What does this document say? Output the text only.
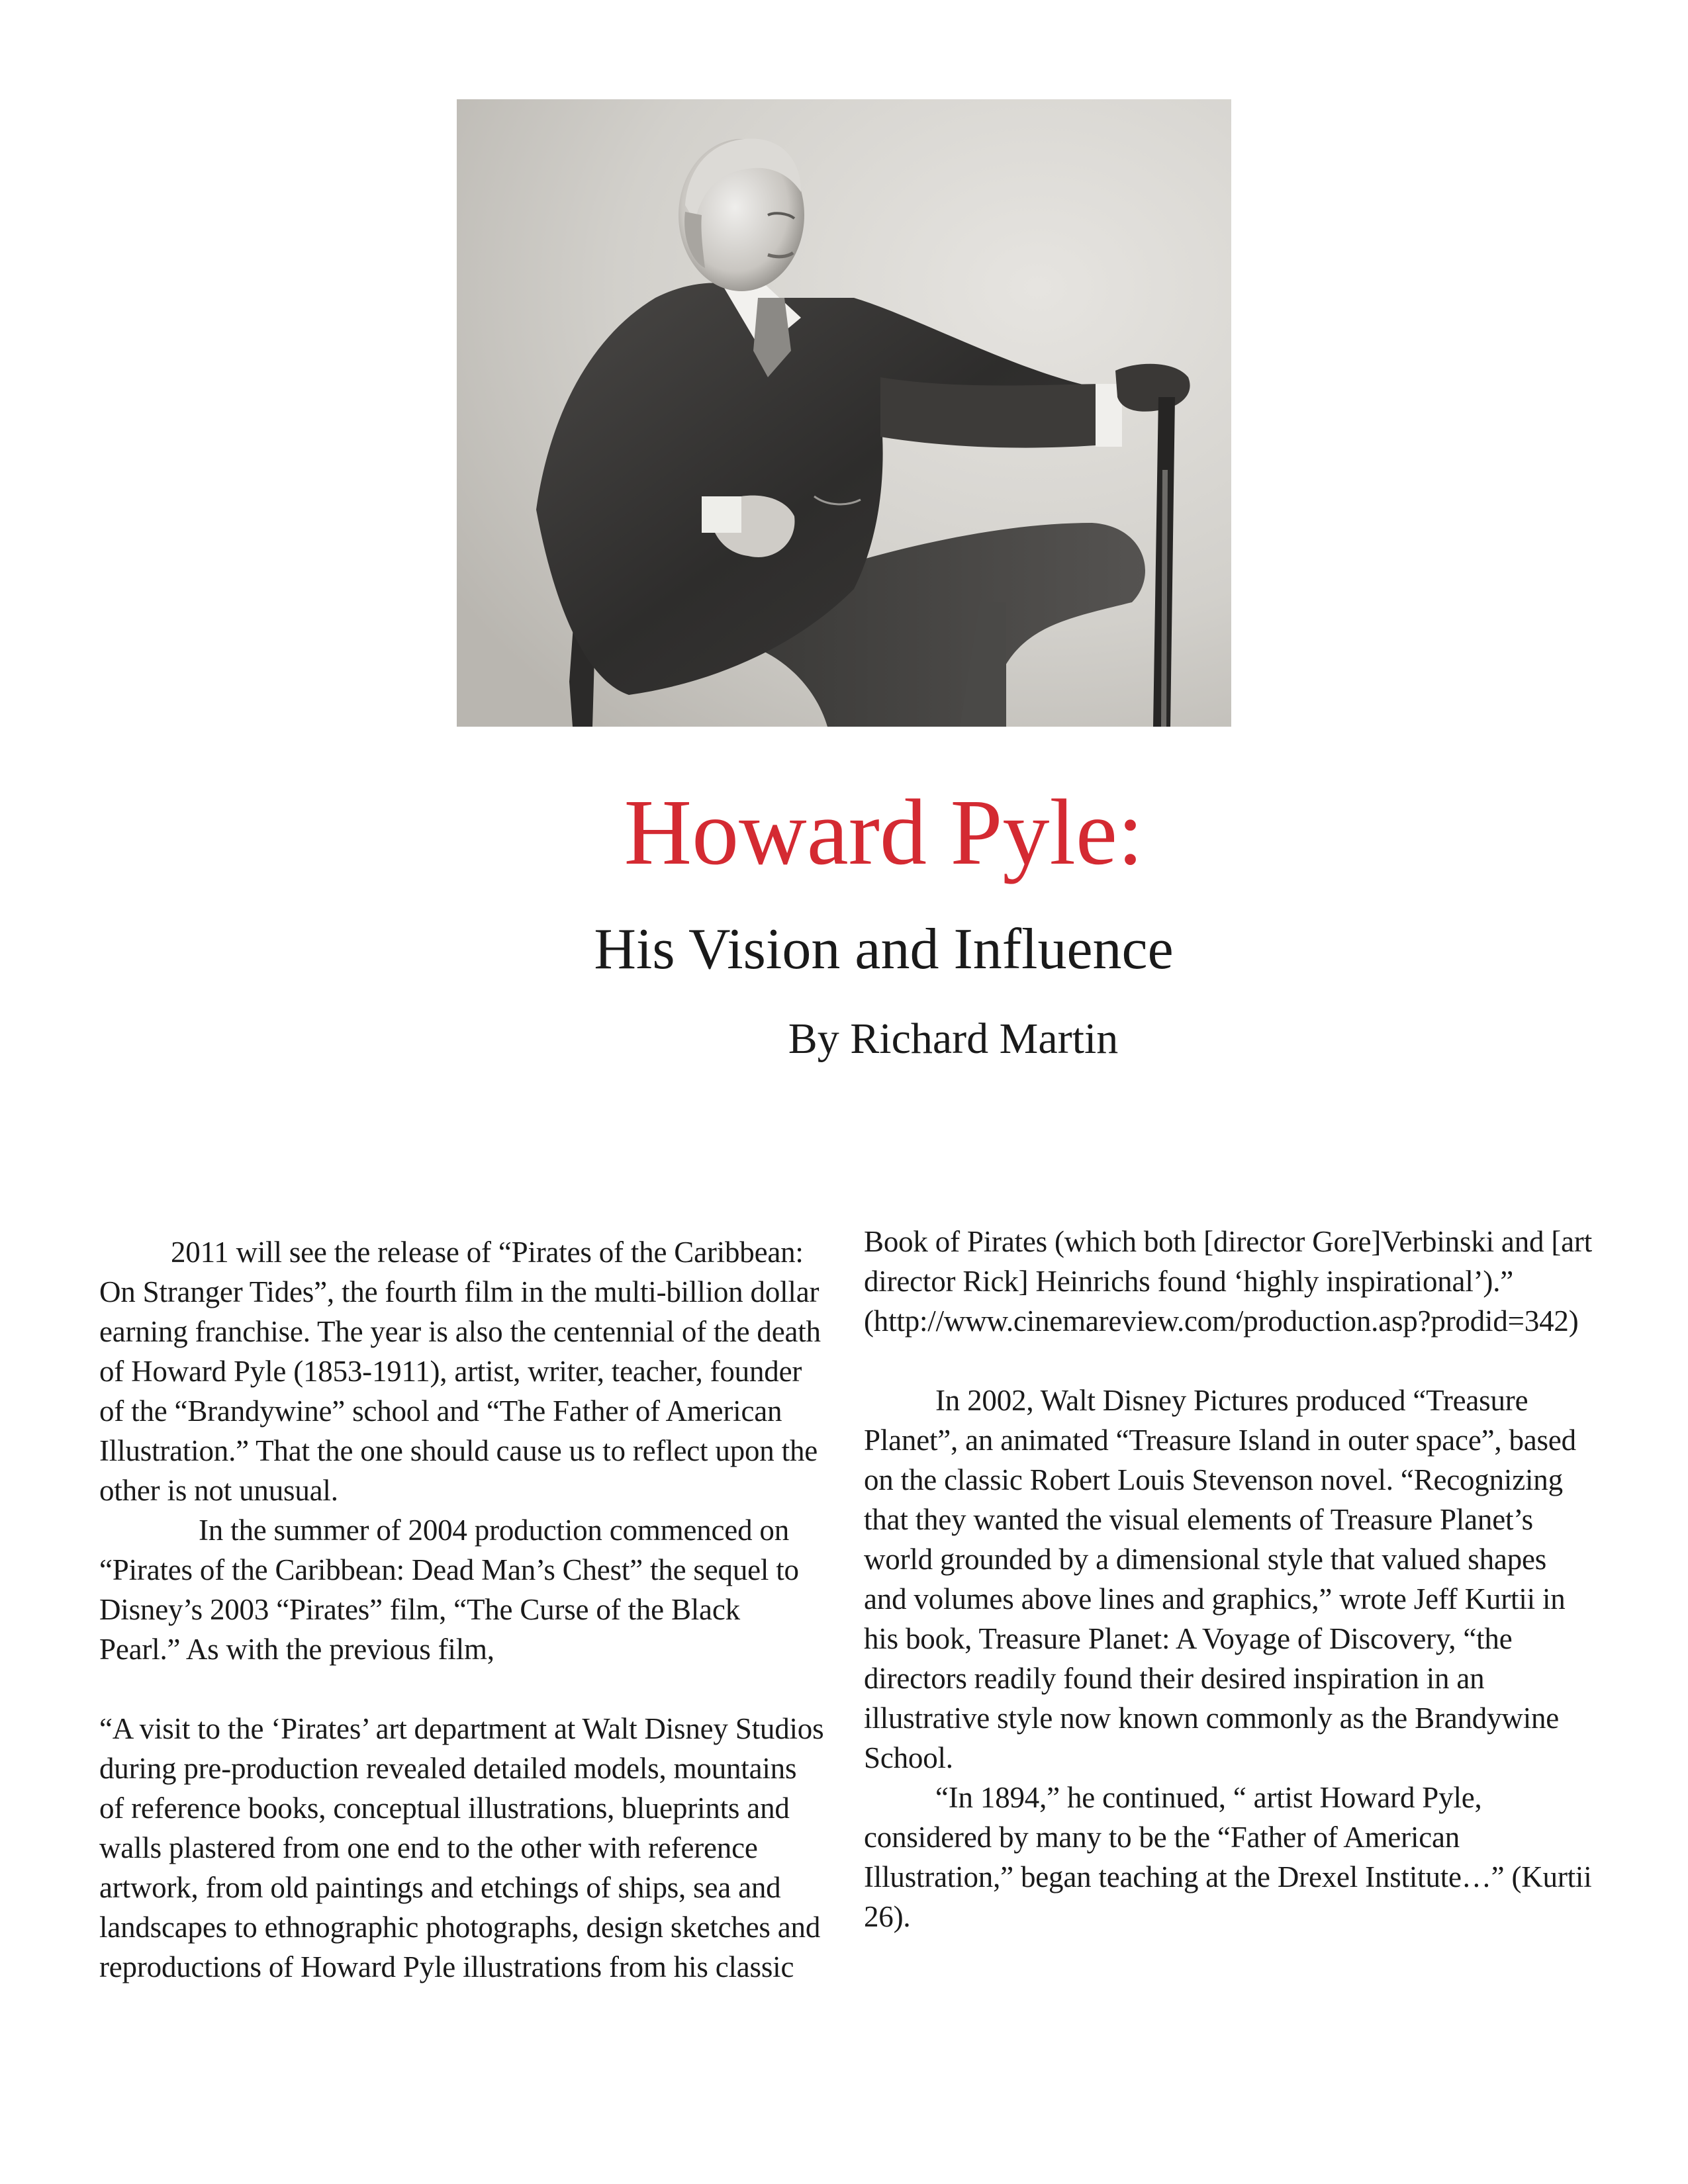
Howard Pyle:
His Vision and Influence
By Richard Martin

2011 will see the release of “Pirates of the Caribbean: On Stranger Tides”, the fourth film in the multi-billion dollar earning franchise. The year is also the centennial of the death of Howard Pyle (1853-1911), artist, writer, teacher, founder of the “Brandywine” school and “The Father of American Illustration.” That the one should cause us to reflect upon the other is not unusual.

In the summer of 2004 production commenced on “Pirates of the Caribbean: Dead Man’s Chest” the sequel to Disney’s 2003 “Pirates” film, “The Curse of the Black Pearl.” As with the previous film,

“A visit to the ‘Pirates’ art department at Walt Disney Studios during pre-production revealed detailed models, mountains of reference books, conceptual illustrations, blueprints and walls plastered from one end to the other with reference artwork, from old paintings and etchings of ships, sea and landscapes to ethnographic photographs, design sketches and reproductions of Howard Pyle illustrations from his classic

Book of Pirates (which both [director Gore]Verbinski and [art director Rick] Heinrichs found ‘highly inspirational’).”

(http://www.cinemareview.com/production.asp?prodid=342)

In 2002, Walt Disney Pictures produced “Treasure Planet”, an animated “Treasure Island in outer space”, based on the classic Robert Louis Stevenson novel. “Recognizing that they wanted the visual elements of Treasure Planet’s world grounded by a dimensional style that valued shapes and volumes above lines and graphics,” wrote Jeff Kurtii in his book, Treasure Planet: A Voyage of Discovery, “the directors readily found their desired inspiration in an illustrative style now known commonly as the Brandywine School.

“In 1894,” he continued, “ artist Howard Pyle, considered by many to be the “Father of American Illustration,” began teaching at the Drexel Institute…” (Kurtii 26).
